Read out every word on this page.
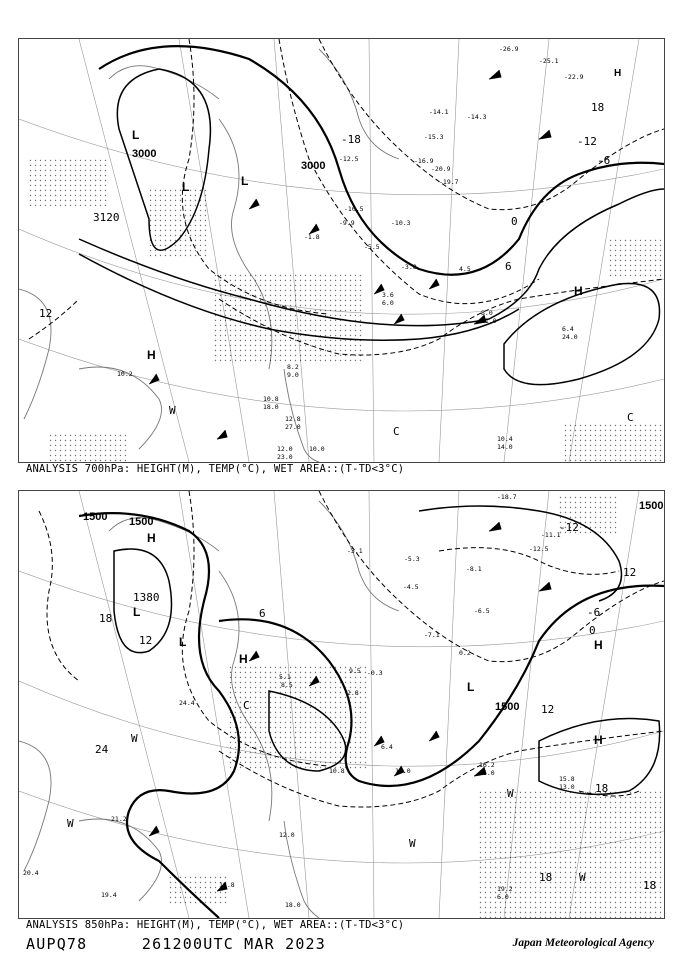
3000
3000
3120
-18	-12
-6
0
6
12
18
L
L	L
H
H
H
W
C
C
-26.9
-25.1
-22.9
-14.1
-14.3
-15.3
-16.9
-19.7
-20.9
-12.5
-10.5
-10.3
-9.9
-5.5
-3.8
-1.8
4.5
3.6
6.0
8.0
11.0
6.4
24.0
8.2
9.0
10.2
10.8
18.0
12.8
27.0
10.4
14.0
12.0
23.0
10.0
ANALYSIS 700hPa: HEIGHT(M), TEMP(°C), WET AREA::(T-TD<3°C)
1500 1500
1500
1500
1380
-12
-6
0
6
12
18
24
12
18
18
12
18
H
L
L
H
L
C
H
H
W
W
W
W
W
-18.7
-12.5
-11.1
-8.1
-6.5
-5.3
-7.1
-4.5
-3.1
-0.3
0.2
2.8
5.1
6.4
9.5
8.5
10.8
12.0
15.0
15.8
16.2
16.0
19.2
13.0
24.4
21.2
20.4
19.4
18.8
18.0
6.0
ANALYSIS 850hPa: HEIGHT(M), TEMP(°C), WET AREA::(T-TD<3°C)
AUPQ78	261200UTC MAR 2023	Japan Meteorological Agency
